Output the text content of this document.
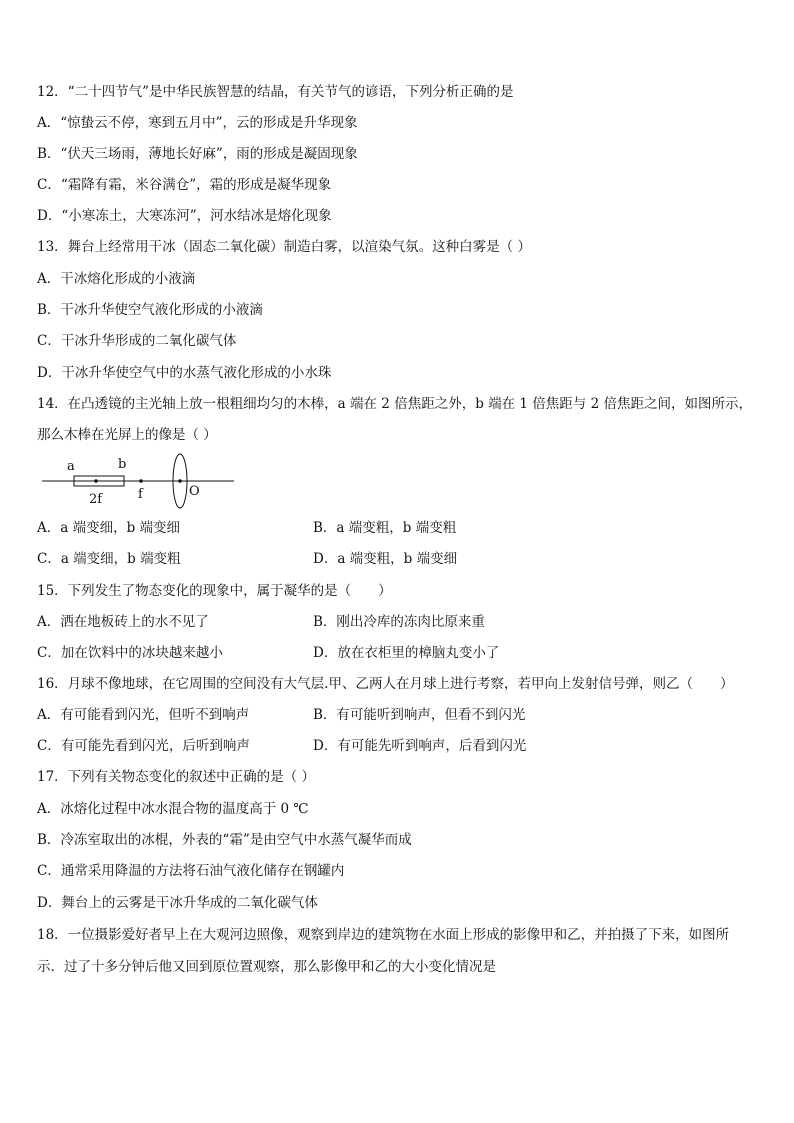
12．“二十四节气”是中华民族智慧的结晶，有关节气的谚语，下列分析正确的是
A．“惊蛰云不停，寒到五月中”，云的形成是升华现象
B．“伏天三场雨，薄地长好麻”，雨的形成是凝固现象
C．“霜降有霜，米谷满仓”，霜的形成是凝华现象
D．“小寒冻土，大寒冻河”，河水结冰是熔化现象
13．舞台上经常用干冰（固态二氧化碳）制造白雾，以渲染气氛。这种白雾是（ ）
A．干冰熔化形成的小液滴
B．干冰升华使空气液化形成的小液滴
C．干冰升华形成的二氧化碳气体
D．干冰升华使空气中的水蒸气液化形成的小水珠
14．在凸透镜的主光轴上放一根粗细均匀的木棒，a 端在 2 倍焦距之外，b 端在 1 倍焦距与 2 倍焦距之间，如图所示，
那么木棒在光屏上的像是（ ）
a	b
2f	f	O
A．a 端变细，b 端变细	B．a 端变粗，b 端变粗
C．a 端变细，b 端变粗	D．a 端变粗，b 端变细
15．下列发生了物态变化的现象中，属于凝华的是（　　）
A．洒在地板砖上的水不见了	B．刚出冷库的冻肉比原来重
C．加在饮料中的冰块越来越小	D．放在衣柜里的樟脑丸变小了
16．月球不像地球，在它周围的空间没有大气层.甲、乙两人在月球上进行考察，若甲向上发射信号弹，则乙（　　）
A．有可能看到闪光，但听不到响声	B．有可能听到响声，但看不到闪光
C．有可能先看到闪光，后听到响声	D．有可能先听到响声，后看到闪光
17．下列有关物态变化的叙述中正确的是（ ）
A．冰熔化过程中冰水混合物的温度高于 0 ℃
B．冷冻室取出的冰棍，外表的“霜”是由空气中水蒸气凝华而成
C．通常采用降温的方法将石油气液化储存在钢罐内
D．舞台上的云雾是干冰升华成的二氧化碳气体
18．一位摄影爱好者早上在大观河边照像，观察到岸边的建筑物在水面上形成的影像甲和乙，并拍摄了下来，如图所
示．过了十多分钟后他又回到原位置观察，那么影像甲和乙的大小变化情况是
